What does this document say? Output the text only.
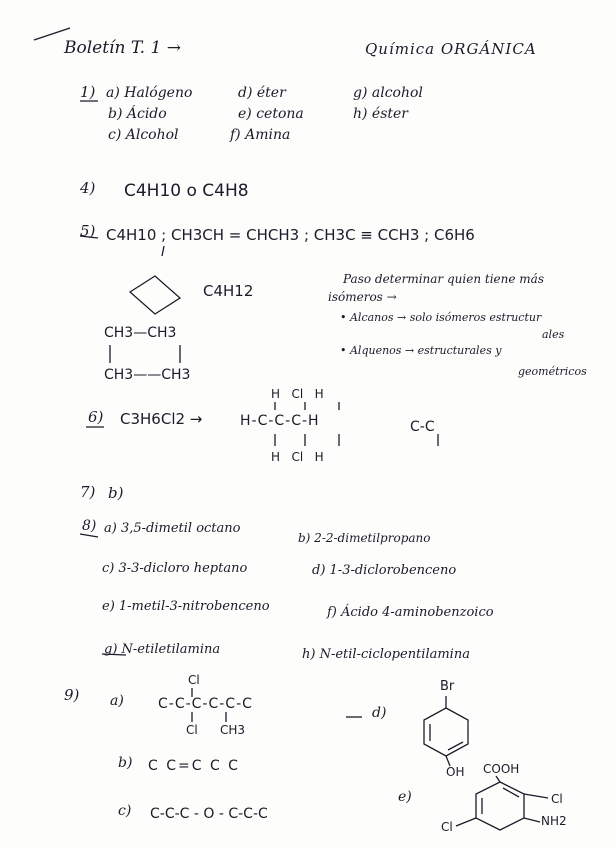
Boletín T. 1 →	Química ORGÁNICA
1) a) Halógeno
b) Ácido
c) Alcohol
d) éter
e) cetona
f) Amina
g) alcohol
h) éster
4) C4H10 o C4H8
5) C4H10 ; CH3CH = CHCH3 ; CH3C ≡ CCH3 ; C6H6
C4H12
CH3—CH3
CH3——CH3
Paso determinar quien tiene más
isómeros →
• Alcanos → solo isómeros estructur
ales
• Alquenos → estructurales y
geométricos
6) C3H6Cl2 →
H   Cl   H
H-C-C-C-H
H   Cl   H
C-C
7) b)
8) a) 3,5-dimetil octano
b) 2-2-dimetilpropano
c) 3-3-dicloro heptano	d) 1-3-diclorobenceno
e) 1-metil-3-nitrobenceno	f) Ácido 4-aminobenzoico
g) N-etiletilamina	h) N-etil-ciclopentilamina
9) a)
Cl
C-C-C-C-C-C
Cl CH3
b) C C=C C C
c) C-C-C - O - C-C-C
d)
Br
OH
e)
COOH
Cl
Cl	NH2
